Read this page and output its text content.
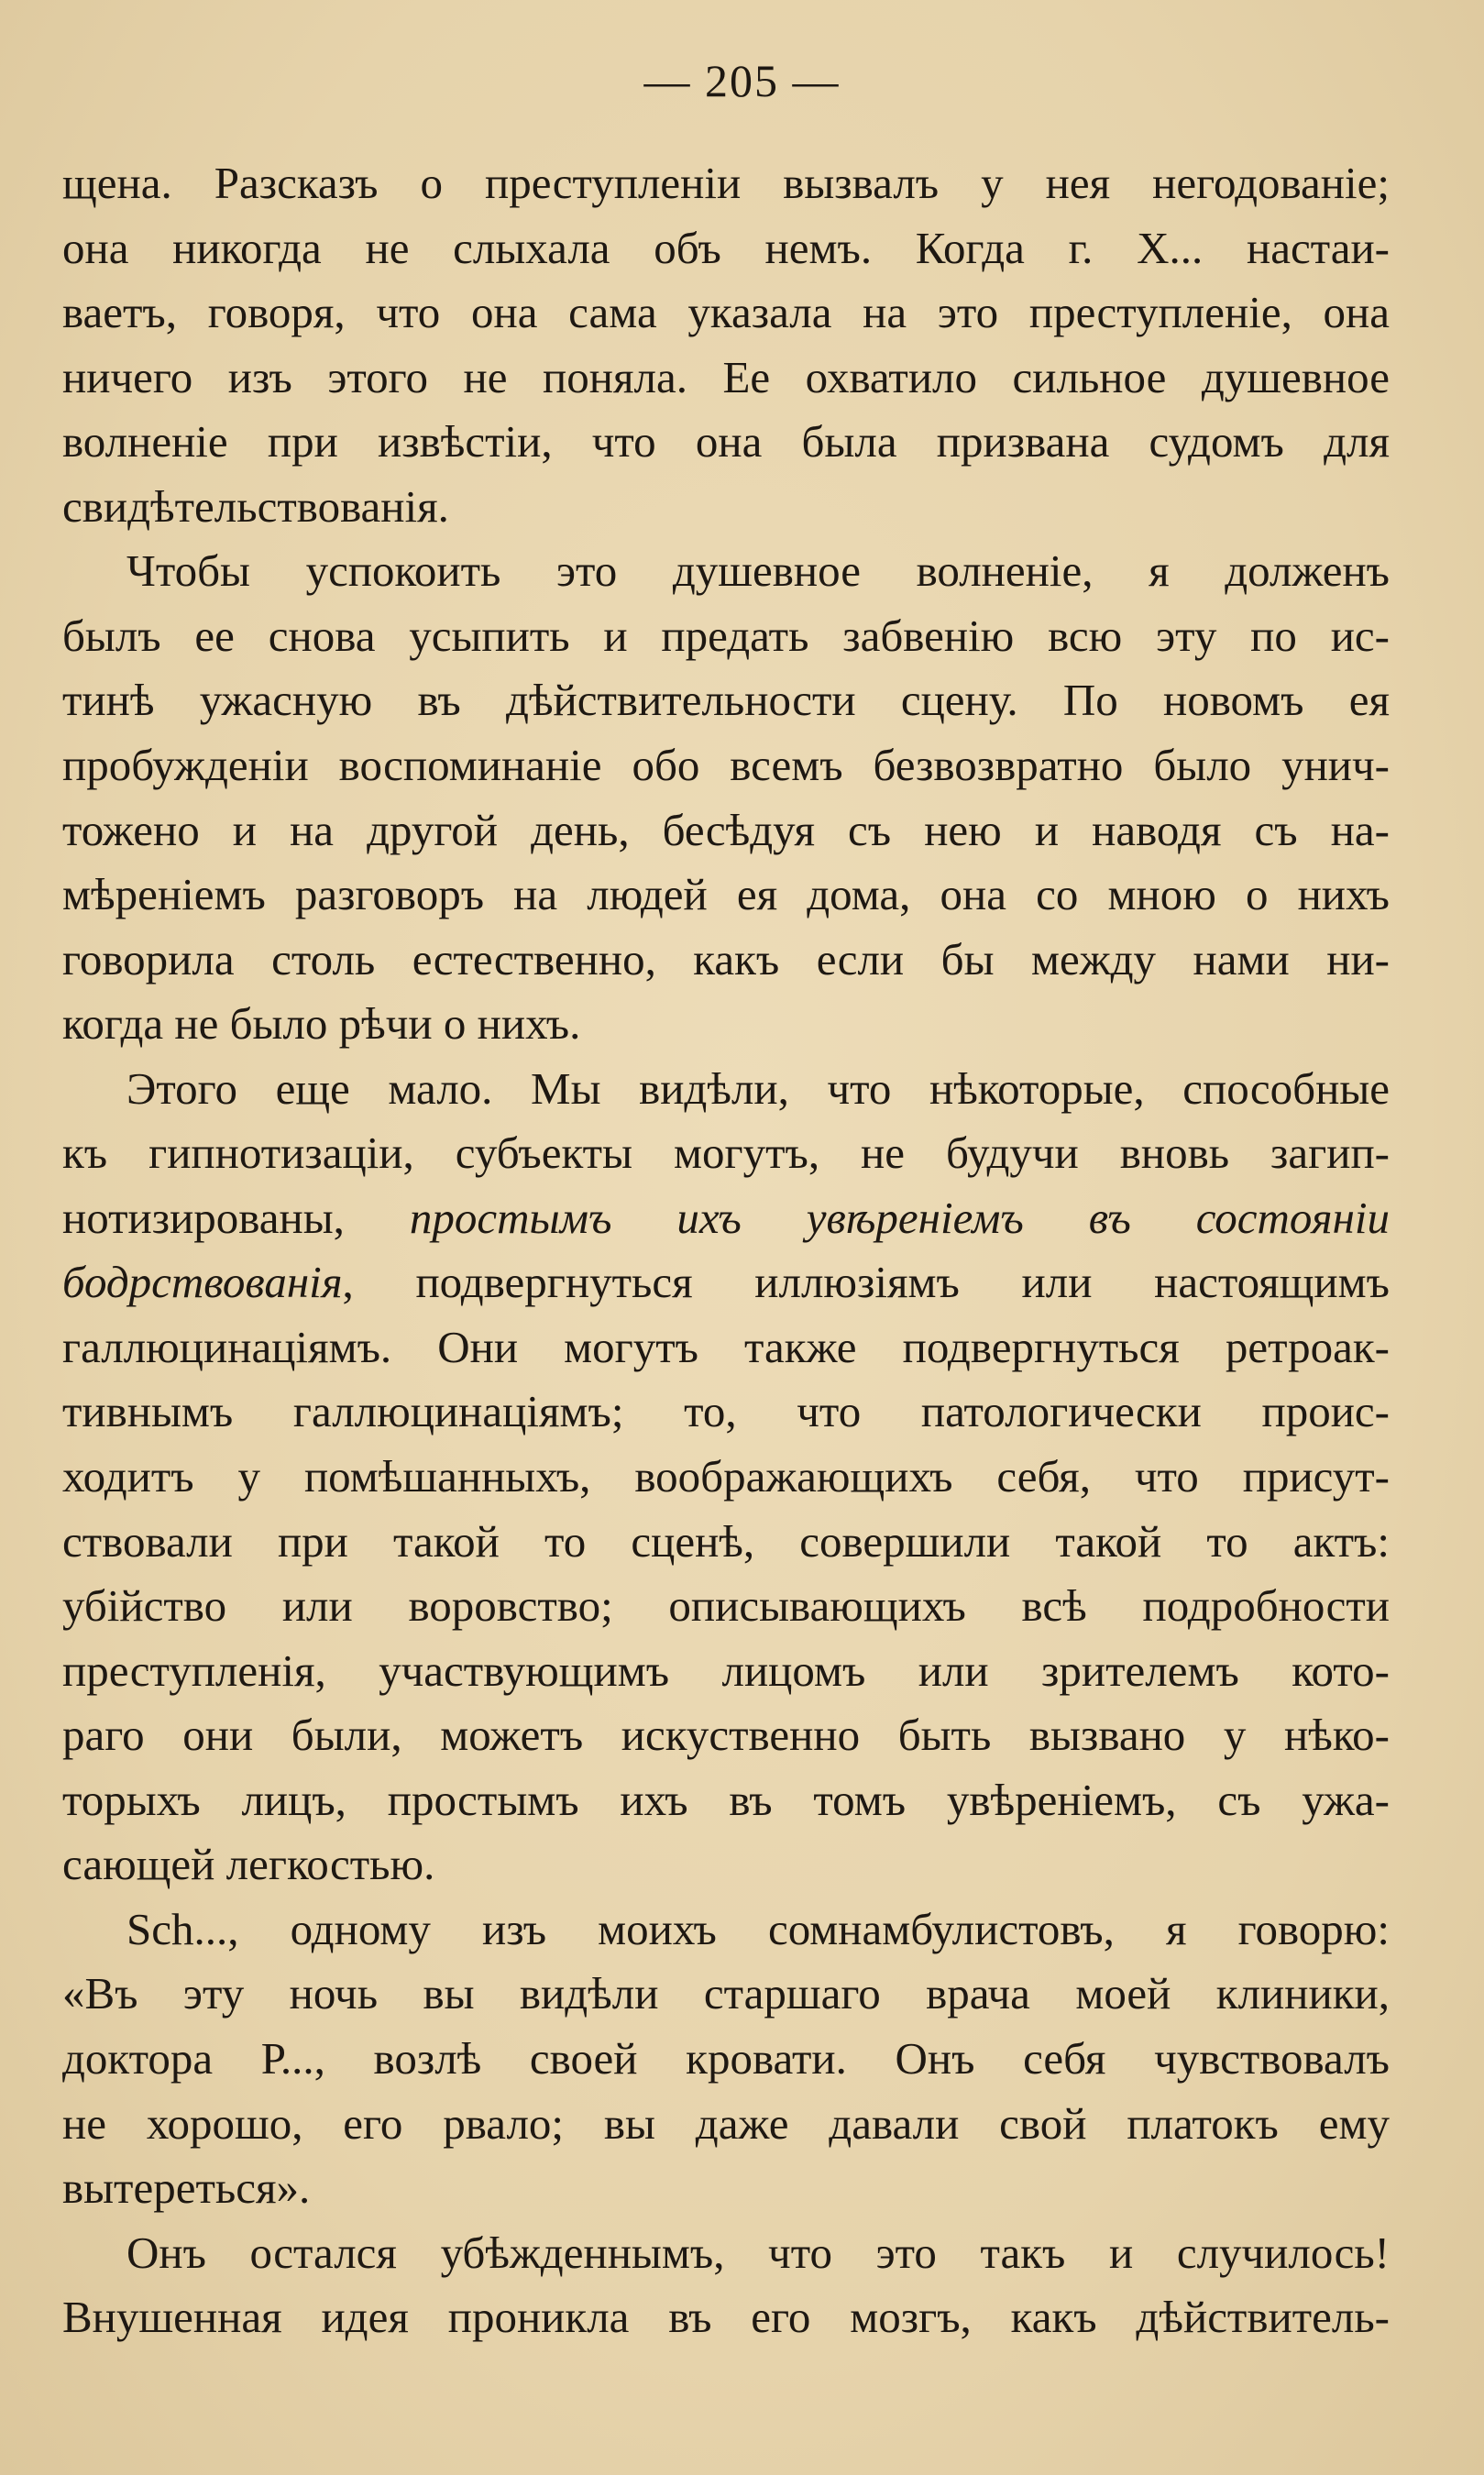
— 205 —
щена. Разсказъ о преступленіи вызвалъ у нея негодованіе;
она никогда не слыхала объ немъ. Когда г. X... настаи-
ваетъ, говоря, что она сама указала на это преступленіе, она
ничего изъ этого не поняла. Ее охватило сильное душевное
волненіе при извѣстіи, что она была призвана судомъ для
свидѣтельствованія.
Чтобы успокоить это душевное волненіе, я долженъ
былъ ее снова усыпить и предать забвенію всю эту по ис-
тинѣ ужасную въ дѣйствительности сцену. По новомъ ея
пробужденіи воспоминаніе обо всемъ безвозвратно было унич-
тожено и на другой день, бесѣдуя съ нею и наводя съ на-
мѣреніемъ разговоръ на людей ея дома, она со мною о нихъ
говорила столь естественно, какъ если бы между нами ни-
когда не было рѣчи о нихъ.
Этого еще мало. Мы видѣли, что нѣкоторые, способные
къ гипнотизаціи, субъекты могутъ, не будучи вновь загип-
нотизированы, простымъ ихъ увѣреніемъ въ состояніи
бодрствованія, подвергнуться иллюзіямъ или настоящимъ
галлюцинаціямъ. Они могутъ также подвергнуться ретроак-
тивнымъ галлюцинаціямъ; то, что патологически проис-
ходитъ у помѣшанныхъ, воображающихъ себя, что присут-
ствовали при такой то сценѣ, совершили такой то актъ:
убійство или воровство; описывающихъ всѣ подробности
преступленія, участвующимъ лицомъ или зрителемъ кото-
раго они были, можетъ искуственно быть вызвано у нѣко-
торыхъ лицъ, простымъ ихъ въ томъ увѣреніемъ, съ ужа-
сающей легкостью.
Sch..., одному изъ моихъ сомнамбулистовъ, я говорю:
«Въ эту ночь вы видѣли старшаго врача моей клиники,
доктора Р..., возлѣ своей кровати. Онъ себя чувствовалъ
не хорошо, его рвало; вы даже давали свой платокъ ему
вытереться».
Онъ остался убѣжденнымъ, что это такъ и случилось!
Внушенная идея проникла въ его мозгъ, какъ дѣйствитель-
